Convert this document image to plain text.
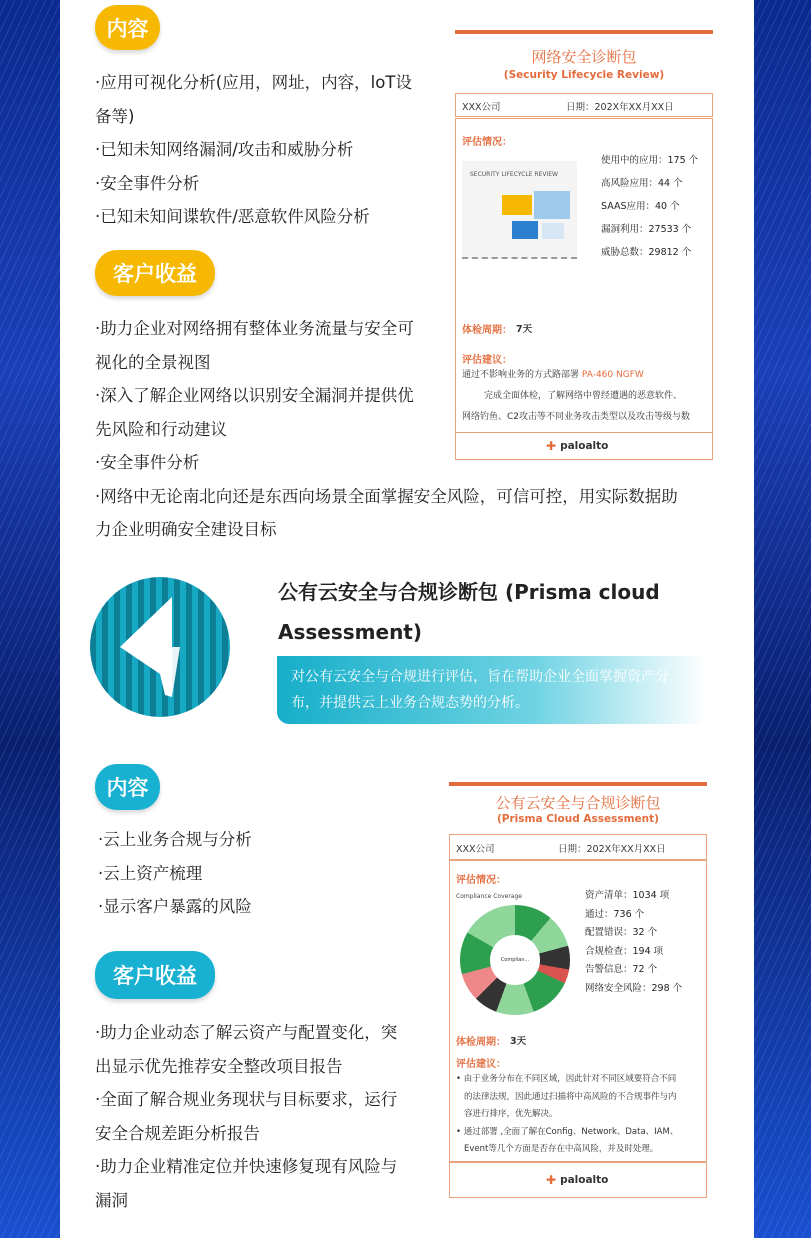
内容

·应用可视化分析(应用，网址，内容，loT设

备等)

·已知未知网络漏洞/攻击和威胁分析

·安全事件分析

·已知未知间谍软件/恶意软件风险分析

客户收益

·助力企业对网络拥有整体业务流量与安全可

视化的全景视图

·深入了解企业网络以识别安全漏洞并提供优

先风险和行动建议

·安全事件分析

·网络中无论南北向还是东西向场景全面掌握安全风险，可信可控，用实际数据助

力企业明确安全建设目标

网络安全诊断包
(Security Lifecycle Review)
XXX公司	日期：202X年XX月XX日
评估情况：
SECURITY LIFECYCLE REVIEW
使用中的应用：175 个
高风险应用：44 个
SAAS应用：40 个
漏洞利用：27533 个
威胁总数：29812 个
体检周期： 7天
评估建议：
通过不影响业务的方式路部署 PA-460 NGFW
完成全面体检，了解网络中曾经遭遇的恶意软件、
网络钓鱼、C2攻击等不同业务攻击类型以及攻击等级与数
✚ paloalto
公有云安全与合规诊断包 (Prisma cloud Assessment)
对公有云安全与合规进行评估，旨在帮助企业全面掌握资产分布，并提供云上业务合规态势的分析。
内容

·云上业务合规与分析

·云上资产梳理

·显示客户暴露的风险

客户收益

·助力企业动态了解云资产与配置变化，突

出显示优先推荐安全整改项目报告

·全面了解合规业务现状与目标要求，运行

安全合规差距分析报告

·助力企业精准定位并快速修复现有风险与

漏洞

公有云安全与合规诊断包
(Prisma Cloud Assessment)
XXX公司	日期：202X年XX月XX日
评估情况：
Compliance Coverage
Complian...
资产清单：1034 项
通过：736 个
配置错误：32 个
合规检查：194 项
告警信息：72 个
网络安全风险：298 个
体检周期： 3天
评估建议：
• 由于业务分布在不同区域，因此针对不同区域要符合不同
的法律法规，因此通过扫描将中高风险的不合规事件与内
容进行排序，优先解决。
• 通过部署 ,全面了解在Config、Network、Data、IAM、
Event等几个方面是否存在中高风险，并及时处理。
✚ paloalto
